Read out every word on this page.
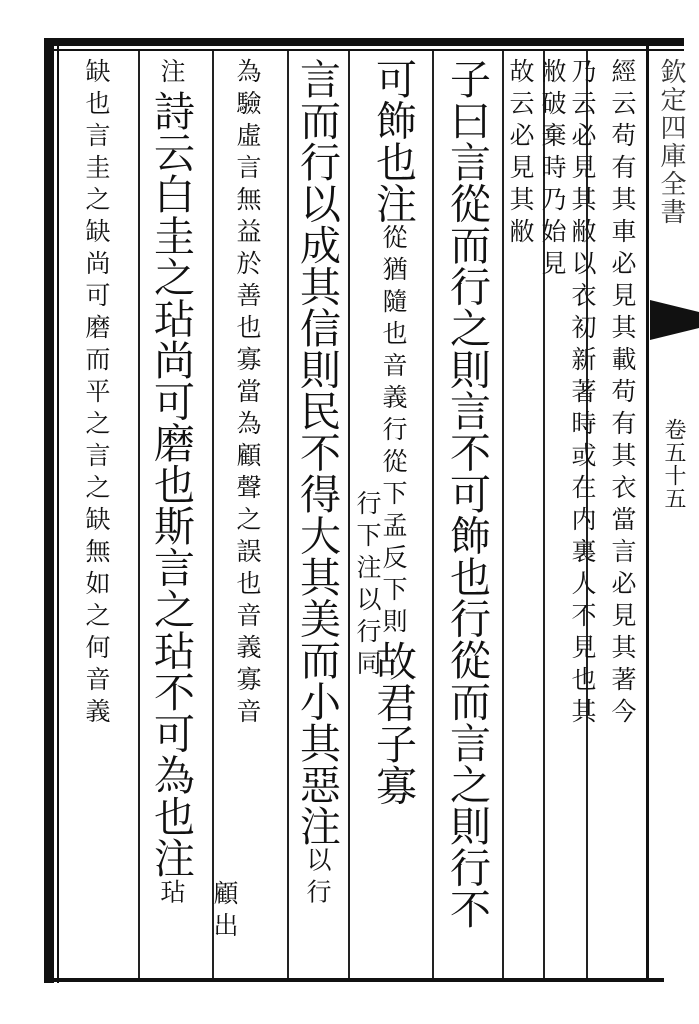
欽定四庫全書
卷五十五
經云苟有其車必見其載苟有其衣當言必見其著今
乃云必見其敝以衣初新著時或在内裏人不見也其
敝破棄時乃始見
故云必見其敝
子曰言從而行之則言不可飾也行從而言之則行不
可飾也注從猶隨也音義行從下孟反下則故君子寡
行下注以行同
言而行以成其信則民不得大其美而小其惡注以行
為驗虛言無益於善也寡當為顧聲之誤也音義寡音
顧出
注詩云白圭之玷尚可磨也斯言之玷不可為也注玷
缺也言圭之缺尚可磨而平之言之缺無如之何音義
